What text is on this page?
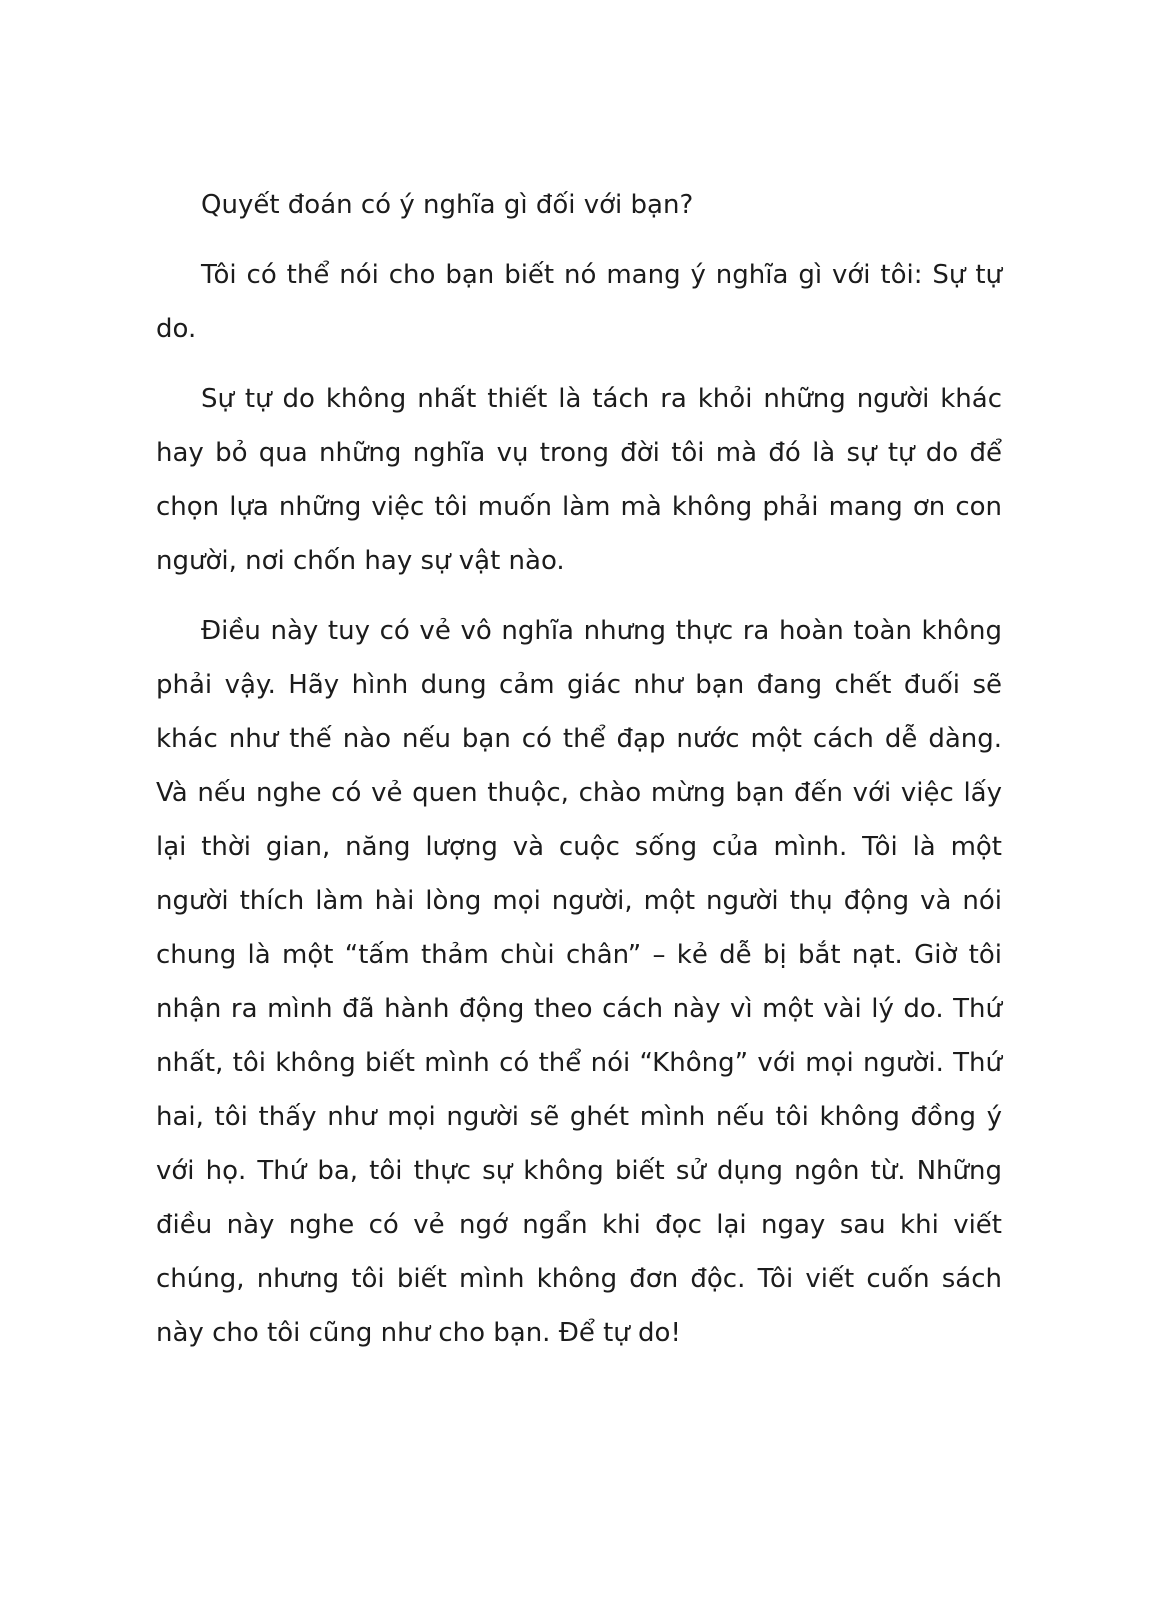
Quyết đoán có ý nghĩa gì đối với bạn?

Tôi có thể nói cho bạn biết nó mang ý nghĩa gì với tôi: Sự tự do.

Sự tự do không nhất thiết là tách ra khỏi những người khác hay bỏ qua những nghĩa vụ trong đời tôi mà đó là sự tự do để chọn lựa những việc tôi muốn làm mà không phải mang ơn con người, nơi chốn hay sự vật nào.

Điều này tuy có vẻ vô nghĩa nhưng thực ra hoàn toàn không phải vậy. Hãy hình dung cảm giác như bạn đang chết đuối sẽ khác như thế nào nếu bạn có thể đạp nước một cách dễ dàng. Và nếu nghe có vẻ quen thuộc, chào mừng bạn đến với việc lấy lại thời gian, năng lượng và cuộc sống của mình. Tôi là một người thích làm hài lòng mọi người, một người thụ động và nói chung là một “tấm thảm chùi chân” – kẻ dễ bị bắt nạt. Giờ tôi nhận ra mình đã hành động theo cách này vì một vài lý do. Thứ nhất, tôi không biết mình có thể nói “Không” với mọi người. Thứ hai, tôi thấy như mọi người sẽ ghét mình nếu tôi không đồng ý với họ. Thứ ba, tôi thực sự không biết sử dụng ngôn từ. Những điều này nghe có vẻ ngớ ngẩn khi đọc lại ngay sau khi viết chúng, nhưng tôi biết mình không đơn độc. Tôi viết cuốn sách này cho tôi cũng như cho bạn. Để tự do!
